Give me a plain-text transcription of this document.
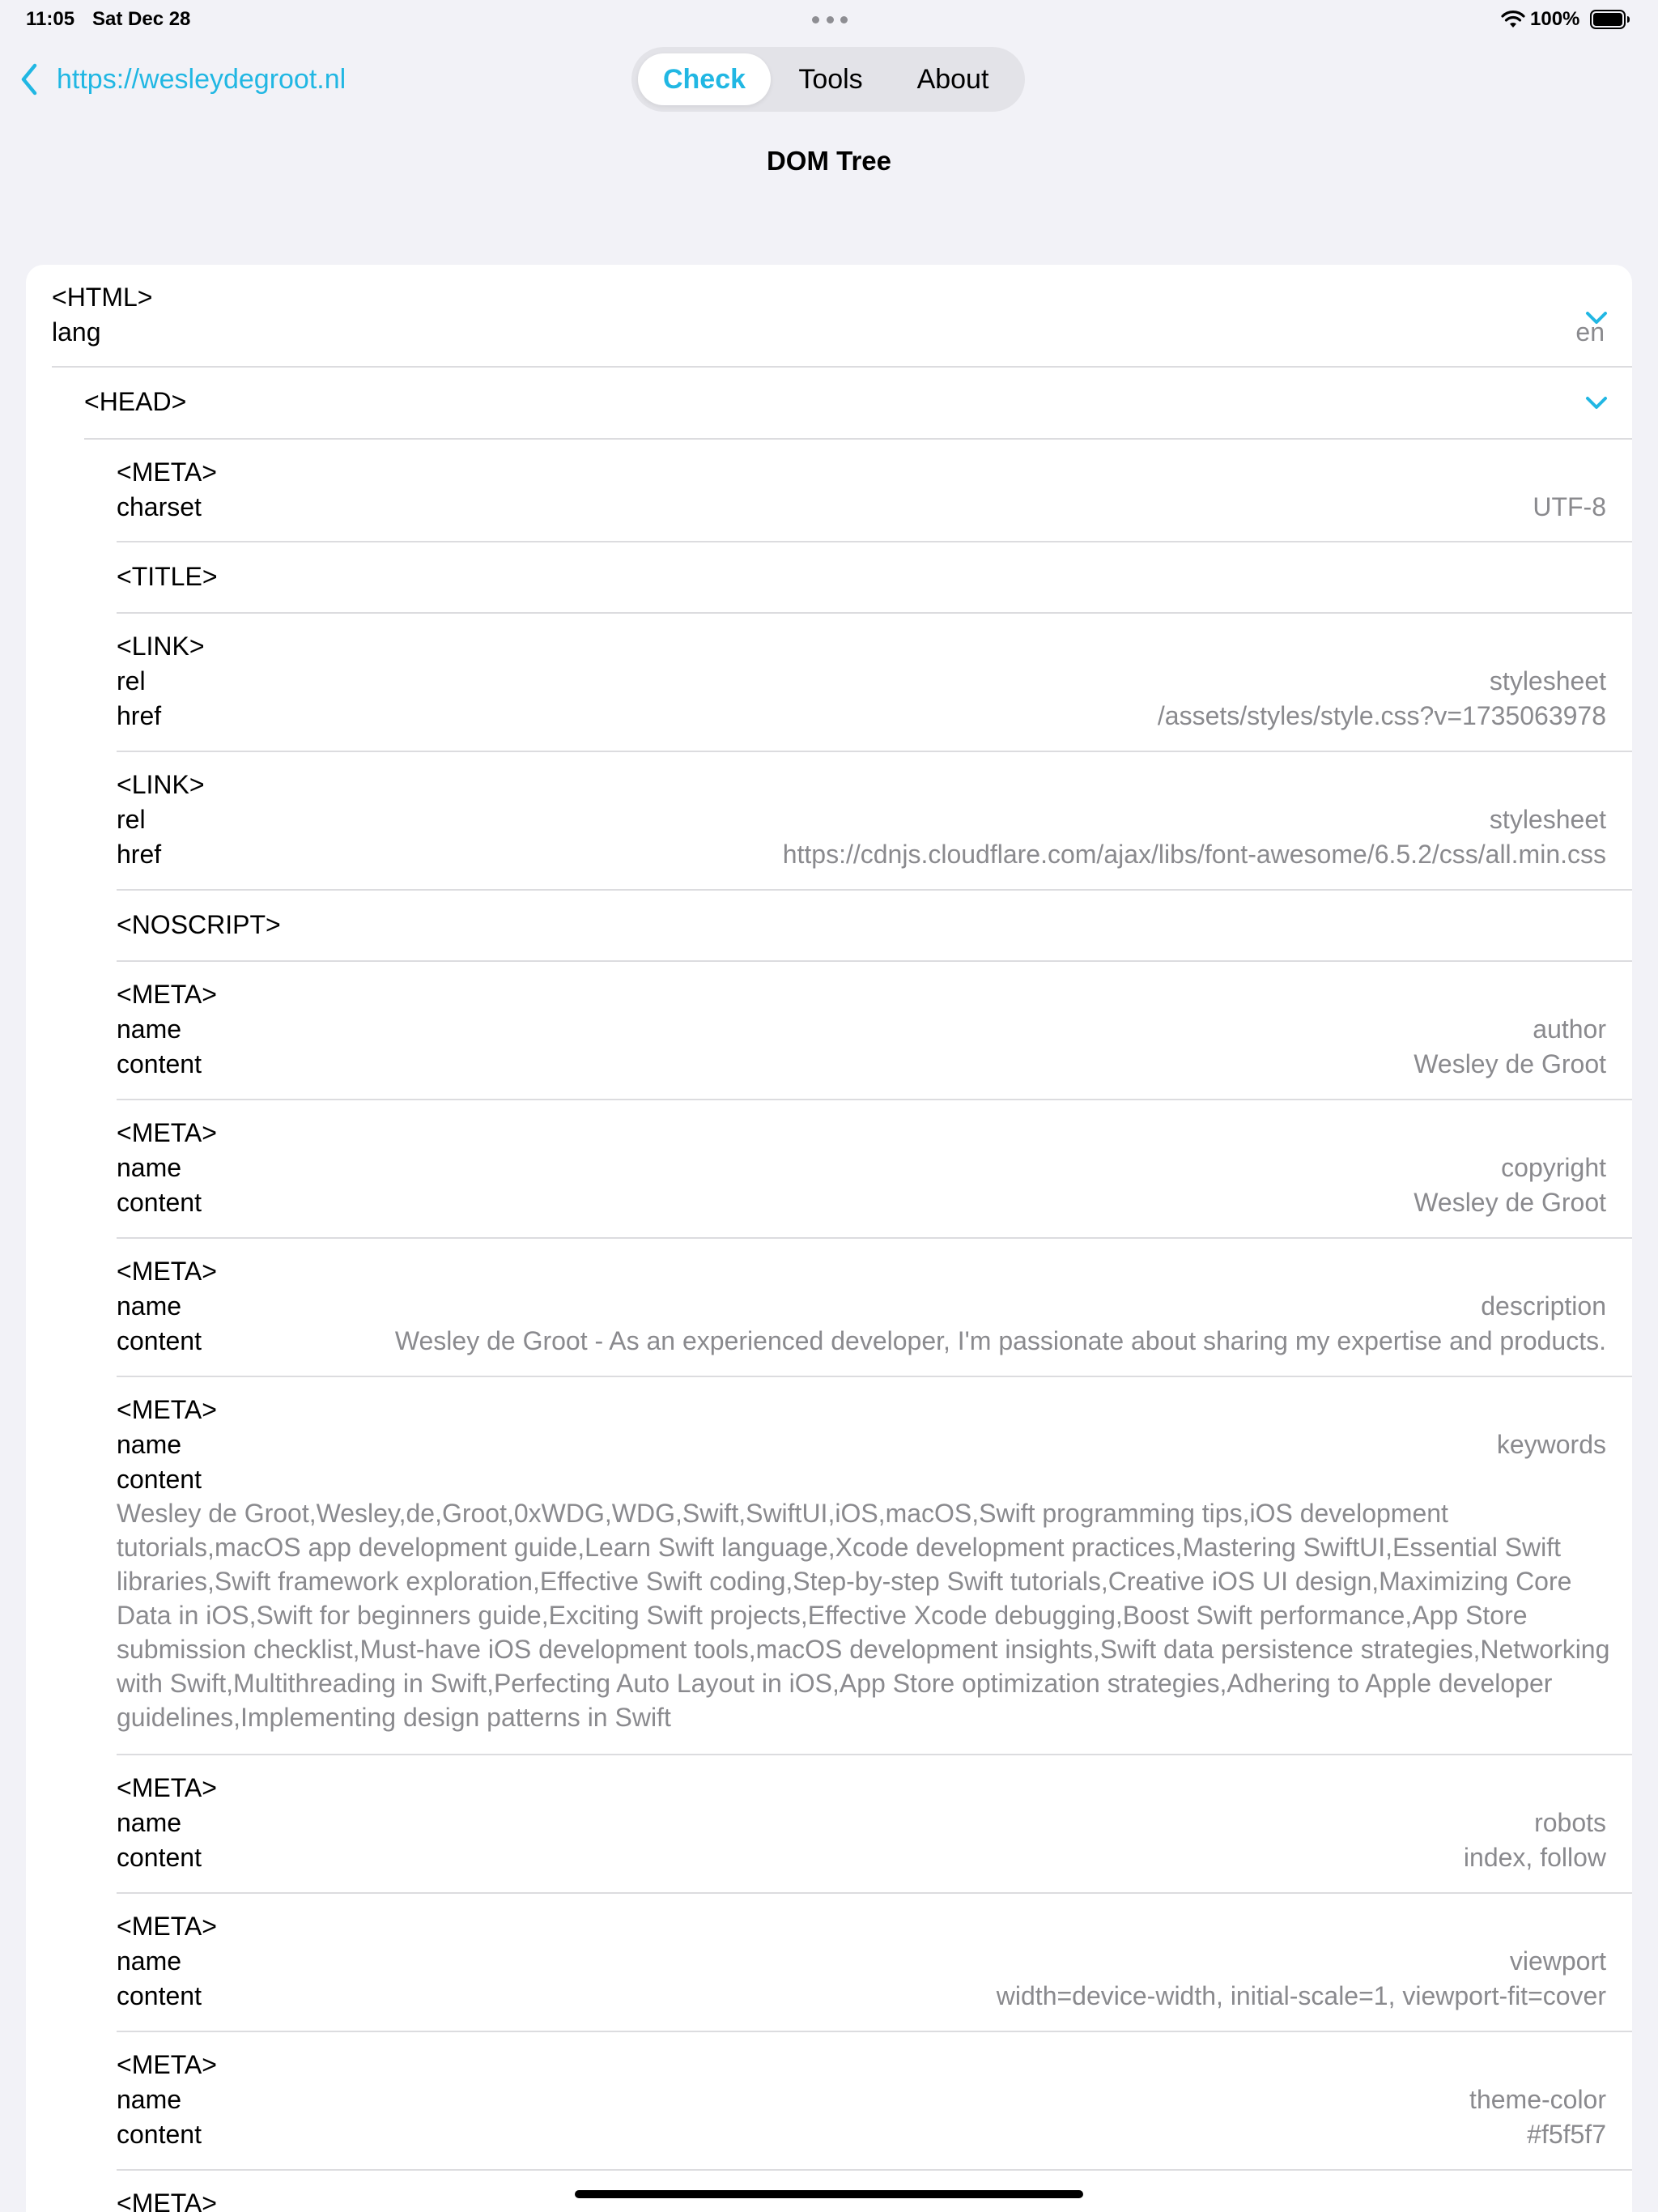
11:05 Sat Dec 28	100%
https://wesleydegroot.nl	Check	Tools	About
DOM Tree
<HTML>
lang	en
<HEAD>
<META>
charset	UTF-8
<TITLE>
<LINK>
rel	stylesheet
href	/assets/styles/style.css?v=1735063978
<LINK>
rel	stylesheet
href	https://cdnjs.cloudflare.com/ajax/libs/font-awesome/6.5.2/css/all.min.css
<NOSCRIPT>
<META>
name	author
content	Wesley de Groot
<META>
name	copyright
content	Wesley de Groot
<META>
name	description
content	Wesley de Groot - As an experienced developer, I'm passionate about sharing my expertise and products.
<META>
name	keywords
content
Wesley de Groot,Wesley,de,Groot,0xWDG,WDG,Swift,SwiftUI,iOS,macOS,Swift programming tips,iOS development tutorials,macOS app development guide,Learn Swift language,Xcode development practices,Mastering SwiftUI,Essential Swift libraries,Swift framework exploration,Effective Swift coding,Step-by-step Swift tutorials,Creative iOS UI design,Maximizing Core Data in iOS,Swift for beginners guide,Exciting Swift projects,Effective Xcode debugging,Boost Swift performance,App Store submission checklist,Must-have iOS development tools,macOS development insights,Swift data persistence strategies,Networking with Swift,Multithreading in Swift,Perfecting Auto Layout in iOS,App Store optimization strategies,Adhering to Apple developer guidelines,Implementing design patterns in Swift
<META>
name	robots
content	index, follow
<META>
name	viewport
content	width=device-width, initial-scale=1, viewport-fit=cover
<META>
name	theme-color
content	#f5f5f7
<META>
